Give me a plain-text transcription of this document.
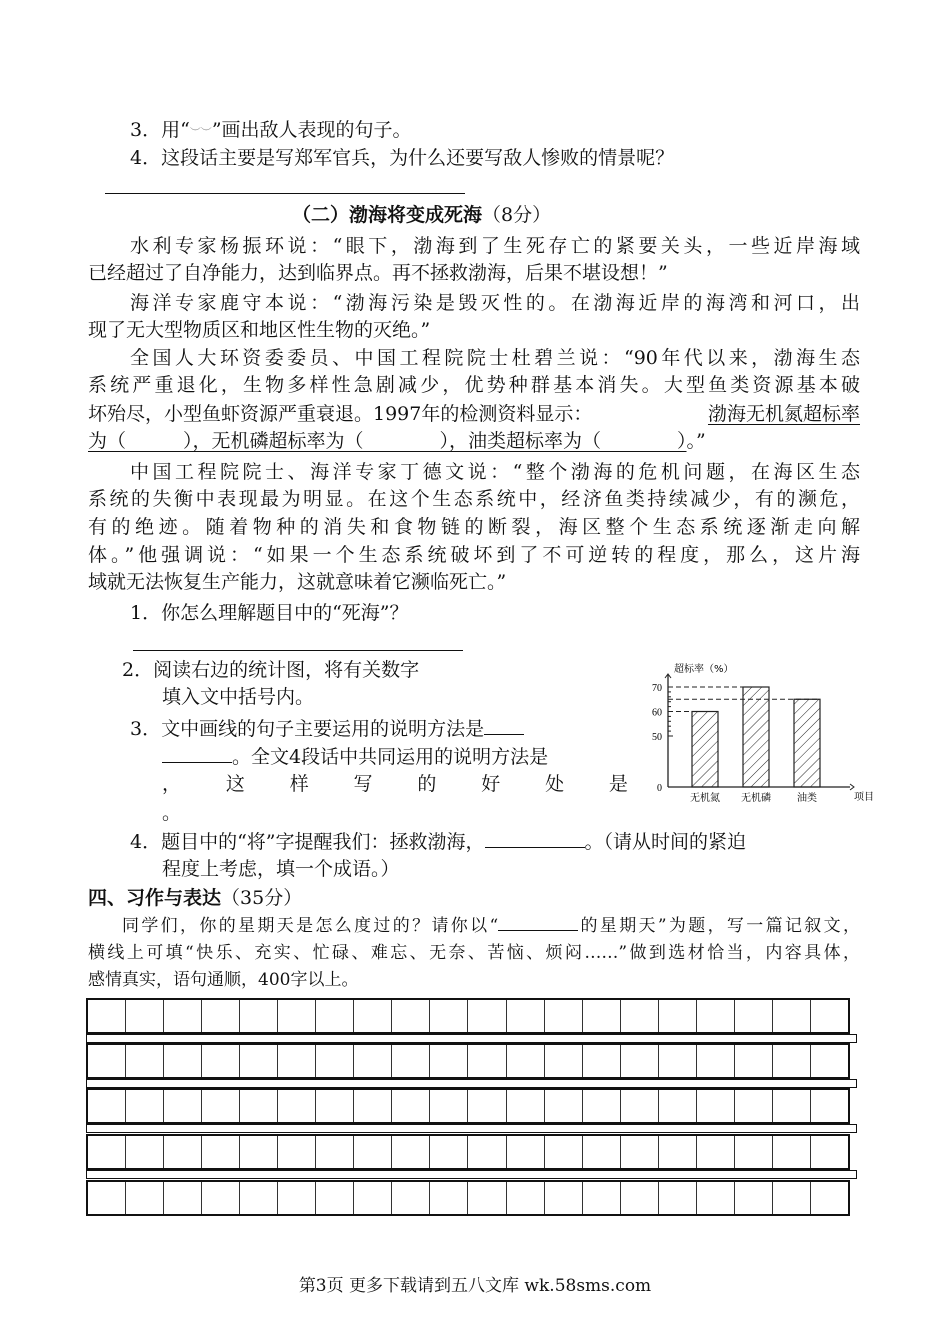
3．用“︶︶”画出敌人表现的句子。
4．这段话主要是写郑军官兵，为什么还要写敌人惨败的情景呢？
（二）渤海将变成死海（8分）
水利专家杨振环说：“眼下，渤海到了生死存亡的紧要关头，一些近岸海域
已经超过了自净能力，达到临界点。再不拯救渤海，后果不堪设想！”
海洋专家鹿守本说：“渤海污染是毁灭性的。在渤海近岸的海湾和河口，出
现了无大型物质区和地区性生物的灭绝。”
全国人大环资委委员、中国工程院院士杜碧兰说：“90年代以来，渤海生态
系统严重退化，生物多样性急剧减少，优势种群基本消失。大型鱼类资源基本破
坏殆尽，小型鱼虾资源严重衰退。1997年的检测资料显示：	渤海无机氮超标率
为（　　　），无机磷超标率为（　　　　），油类超标率为（　　　　）。”
中国工程院院士、海洋专家丁德文说：“整个渤海的危机问题，在海区生态
系统的失衡中表现最为明显。在这个生态系统中，经济鱼类持续减少，有的濒危，
有的绝迹。随着物种的消失和食物链的断裂，海区整个生态系统逐渐走向解
体。”他强调说：“如果一个生态系统破坏到了不可逆转的程度，那么，这片海
域就无法恢复生产能力，这就意味着它濒临死亡。”
1．你怎么理解题目中的“死海”？
2．阅读右边的统计图，将有关数字
填入文中括号内。
3．文中画线的句子主要运用的说明方法是
。全文4段话中共同运用的说明方法是
， 这 样 写 的 好 处 是
。
4．题目中的“将”字提醒我们：拯救渤海，	。（请从时间的紧迫
程度上考虑，填一个成语。）
0
50
60
70
超标率（%）
项目
无机氮 无机磷	油类
四、习作与表达（35分）
同学们，你的星期天是怎么度过的？请你以“	的星期天”为题，写一篇记叙文，
横线上可填“快乐、充实、忙碌、难忘、无奈、苦恼、烦闷……”做到选材恰当，内容具体，
感情真实，语句通顺，400字以上。
第3页 更多下载请到五八文库 wk.58sms.com
